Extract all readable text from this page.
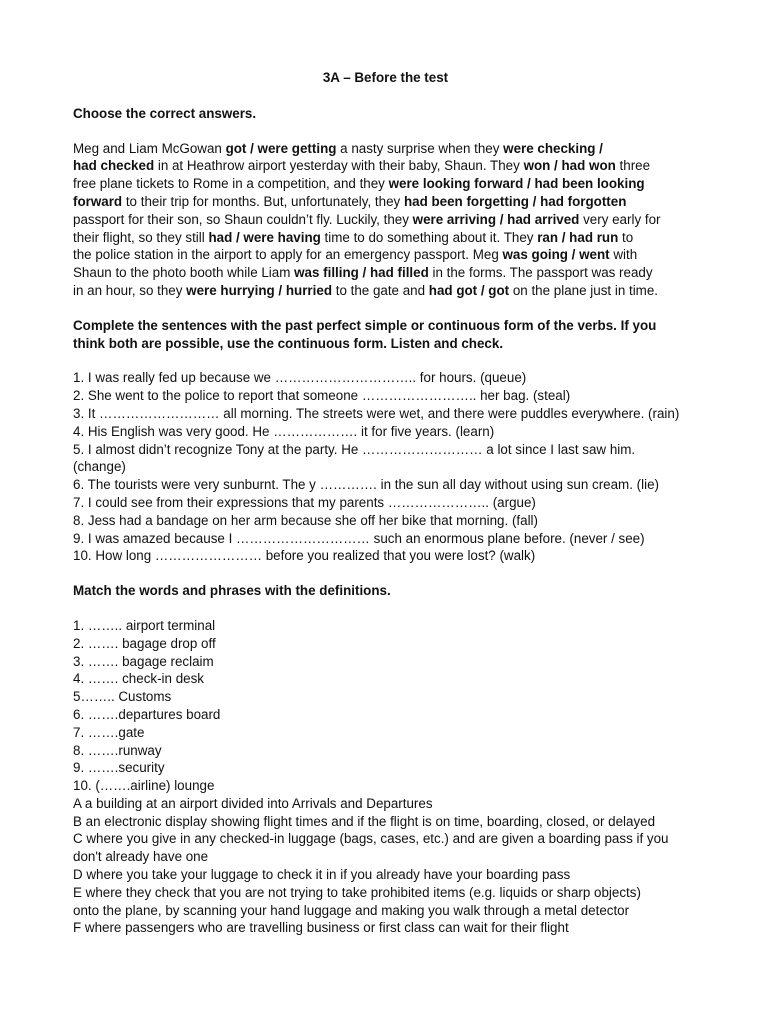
3A – Before the test
Choose the correct answers.
Meg and Liam McGowan got / were getting a nasty surprise when they were checking /
had checked in at Heathrow airport yesterday with their baby, Shaun. They won / had won three
free plane tickets to Rome in a competition, and they were looking forward / had been looking
forward to their trip for months. But, unfortunately, they had been forgetting / had forgotten
passport for their son, so Shaun couldn’t fly. Luckily, they were arriving / had arrived very early for
their flight, so they still had / were having time to do something about it. They ran / had run to
the police station in the airport to apply for an emergency passport. Meg was going / went with
Shaun to the photo booth while Liam was filling / had filled in the forms. The passport was ready
in an hour, so they were hurrying / hurried to the gate and had got / got on the plane just in time.
Complete the sentences with the past perfect simple or continuous form of the verbs. If you
think both are possible, use the continuous form. Listen and check.
1. I was really fed up because we ………………………….. for hours. (queue)
2. She went to the police to report that someone …………………….. her bag. (steal)
3. It ……………………… all morning. The streets were wet, and there were puddles everywhere. (rain)
4. His English was very good. He ………………. it for five years. (learn)
5. I almost didn’t recognize Tony at the party. He ……………………… a lot since I last saw him.
(change)
6. The tourists were very sunburnt. The y …………. in the sun all day without using sun cream. (lie)
7. I could see from their expressions that my parents ………………….. (argue)
8. Jess had a bandage on her arm because she off her bike that morning. (fall)
9. I was amazed because I ………………………… such an enormous plane before. (never / see)
10. How long …………………… before you realized that you were lost? (walk)
Match the words and phrases with the definitions.
1. …….. airport terminal
2. ……. bagage drop off
3. ……. bagage reclaim
4. ……. check-in desk
5…….. Customs
6. …….departures board
7. …….gate
8. …….runway
9. …….security
10. (…….airline) lounge
A a building at an airport divided into Arrivals and Departures
B an electronic display showing flight times and if the flight is on time, boarding, closed, or delayed
C where you give in any checked-in luggage (bags, cases, etc.) and are given a boarding pass if you
don't already have one
D where you take your luggage to check it in if you already have your boarding pass
E where they check that you are not trying to take prohibited items (e.g. liquids or sharp objects)
onto the plane, by scanning your hand luggage and making you walk through a metal detector
F where passengers who are travelling business or first class can wait for their flight
